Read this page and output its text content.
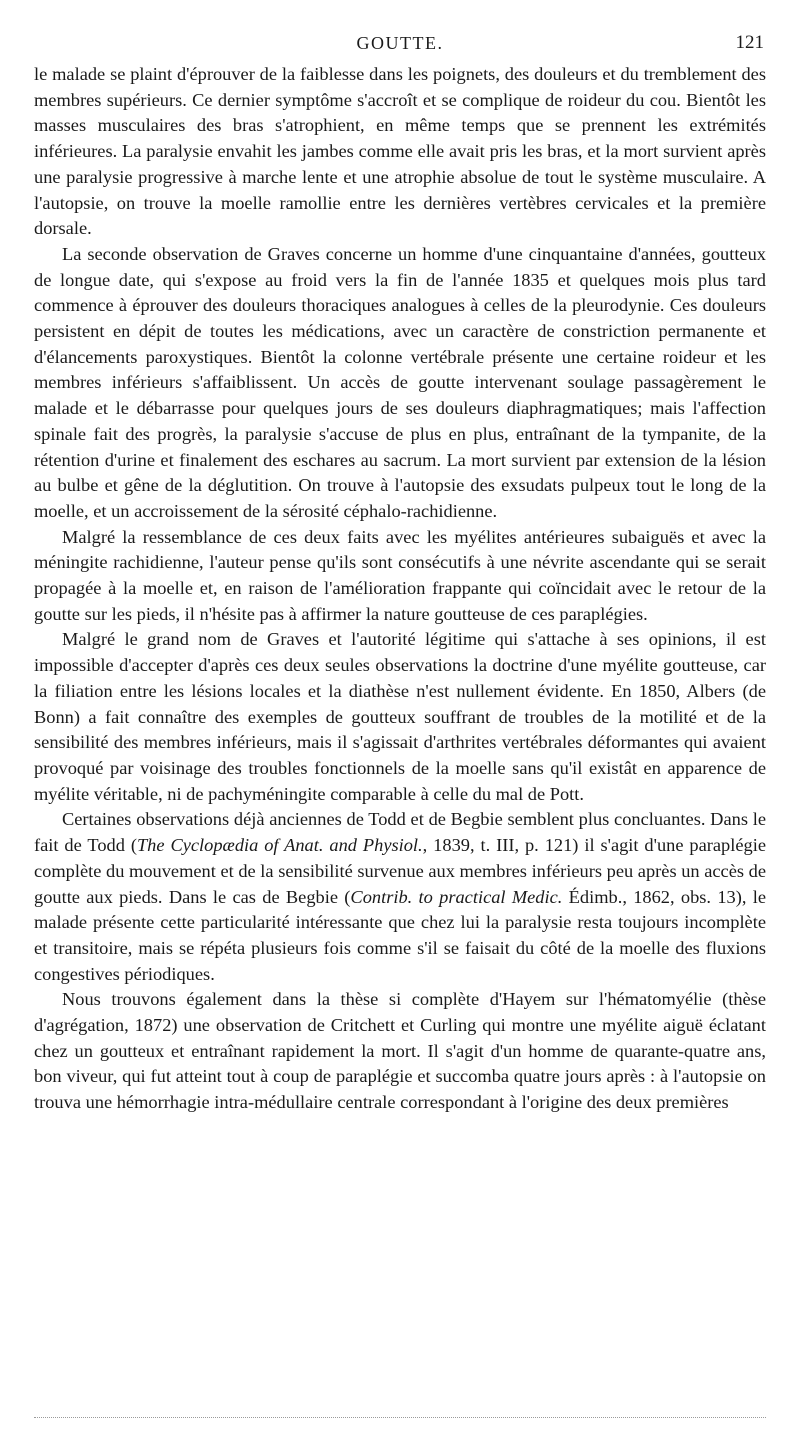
GOUTTE.	121

le malade se plaint d'éprouver de la faiblesse dans les poignets, des douleurs et du tremblement des membres supérieurs. Ce dernier symptôme s'accroît et se complique de roideur du cou. Bientôt les masses musculaires des bras s'atrophient, en même temps que se prennent les extrémités inférieures. La paralysie envahit les jambes comme elle avait pris les bras, et la mort survient après une paralysie progressive à marche lente et une atrophie absolue de tout le système musculaire. A l'autopsie, on trouve la moelle ramollie entre les dernières vertèbres cervicales et la première dorsale.

La seconde observation de Graves concerne un homme d'une cinquantaine d'années, goutteux de longue date, qui s'expose au froid vers la fin de l'année 1835 et quelques mois plus tard commence à éprouver des douleurs thoraciques analogues à celles de la pleurodynie. Ces douleurs persistent en dépit de toutes les médications, avec un caractère de constriction permanente et d'élancements paroxystiques. Bientôt la colonne vertébrale présente une certaine roideur et les membres inférieurs s'affaiblissent. Un accès de goutte intervenant soulage passagèrement le malade et le débarrasse pour quelques jours de ses douleurs diaphragmatiques; mais l'affection spinale fait des progrès, la paralysie s'accuse de plus en plus, entraînant de la tympanite, de la rétention d'urine et finalement des eschares au sacrum. La mort survient par extension de la lésion au bulbe et gêne de la déglutition. On trouve à l'autopsie des exsudats pulpeux tout le long de la moelle, et un accroissement de la sérosité céphalo-rachidienne.

Malgré la ressemblance de ces deux faits avec les myélites antérieures subaiguës et avec la méningite rachidienne, l'auteur pense qu'ils sont consécutifs à une névrite ascendante qui se serait propagée à la moelle et, en raison de l'amélioration frappante qui coïncidait avec le retour de la goutte sur les pieds, il n'hésite pas à affirmer la nature goutteuse de ces paraplégies.

Malgré le grand nom de Graves et l'autorité légitime qui s'attache à ses opinions, il est impossible d'accepter d'après ces deux seules observations la doctrine d'une myélite goutteuse, car la filiation entre les lésions locales et la diathèse n'est nullement évidente. En 1850, Albers (de Bonn) a fait connaître des exemples de goutteux souffrant de troubles de la motilité et de la sensibilité des membres inférieurs, mais il s'agissait d'arthrites vertébrales déformantes qui avaient provoqué par voisinage des troubles fonctionnels de la moelle sans qu'il existât en apparence de myélite véritable, ni de pachyméningite comparable à celle du mal de Pott.

Certaines observations déjà anciennes de Todd et de Begbie semblent plus concluantes. Dans le fait de Todd (The Cyclopædia of Anat. and Physiol., 1839, t. III, p. 121) il s'agit d'une paraplégie complète du mouvement et de la sensibilité survenue aux membres inférieurs peu après un accès de goutte aux pieds. Dans le cas de Begbie (Contrib. to practical Medic. Édimb., 1862, obs. 13), le malade présente cette particularité intéressante que chez lui la paralysie resta toujours incomplète et transitoire, mais se répéta plusieurs fois comme s'il se faisait du côté de la moelle des fluxions congestives périodiques.

Nous trouvons également dans la thèse si complète d'Hayem sur l'hématomyélie (thèse d'agrégation, 1872) une observation de Critchett et Curling qui montre une myélite aiguë éclatant chez un goutteux et entraînant rapidement la mort. Il s'agit d'un homme de quarante-quatre ans, bon viveur, qui fut atteint tout à coup de paraplégie et succomba quatre jours après : à l'autopsie on trouva une hémorrhagie intra-médullaire centrale correspondant à l'origine des deux premières
